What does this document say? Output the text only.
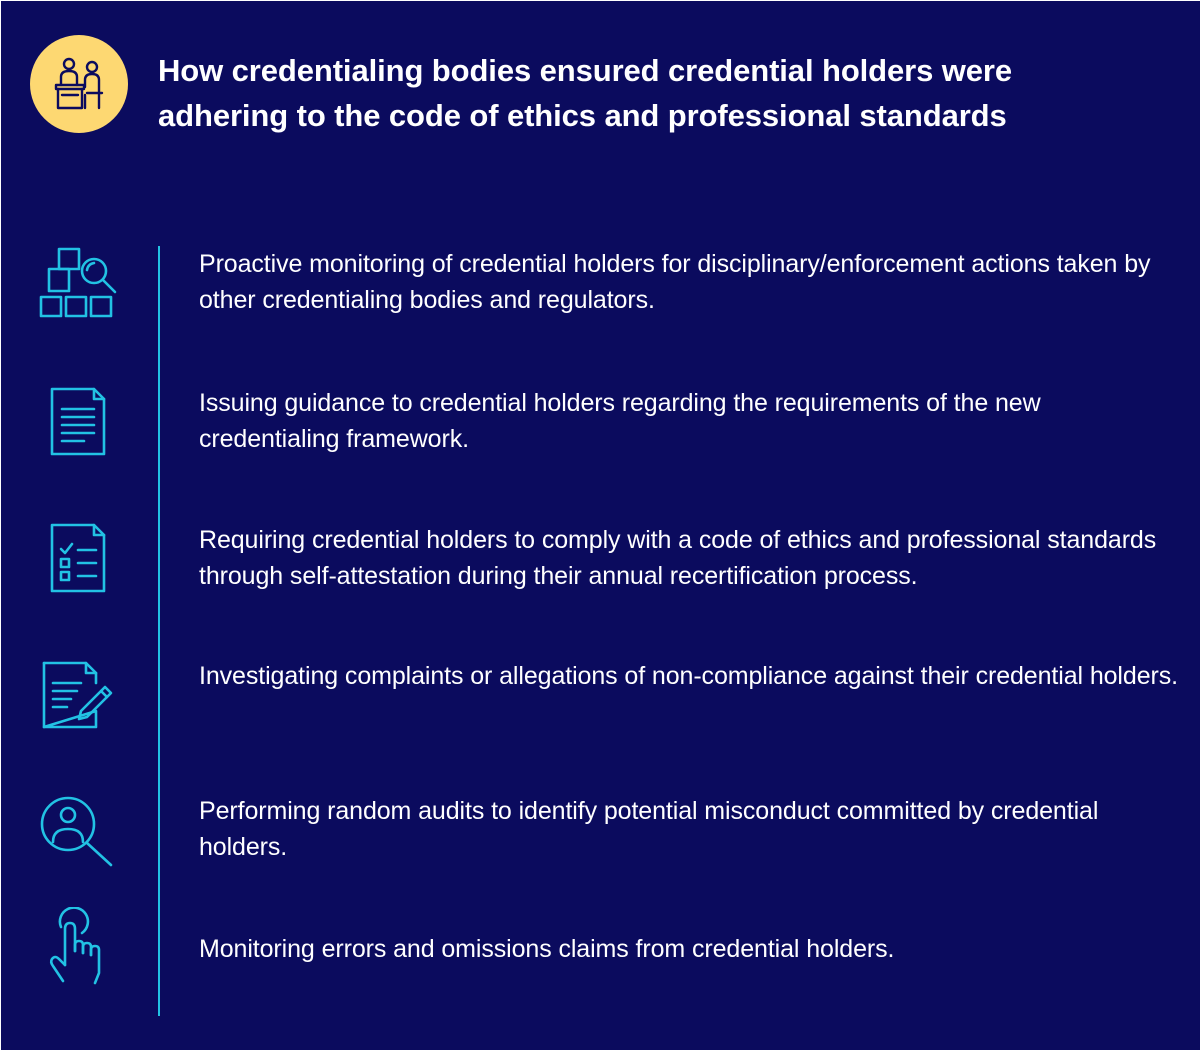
How credentialing bodies ensured credential holders were adhering to the code of ethics and professional standards

Proactive monitoring of credential holders for disciplinary/enforcement actions taken by other credentialing bodies and regulators.

Issuing guidance to credential holders regarding the requirements of the new credentialing framework.

Requiring credential holders to comply with a code of ethics and professional standards through self-attestation during their annual recertification process.

Investigating complaints or allegations of non-compliance against their credential holders.

Performing random audits to identify potential misconduct committed by credential holders.

Monitoring errors and omissions claims from credential holders.
